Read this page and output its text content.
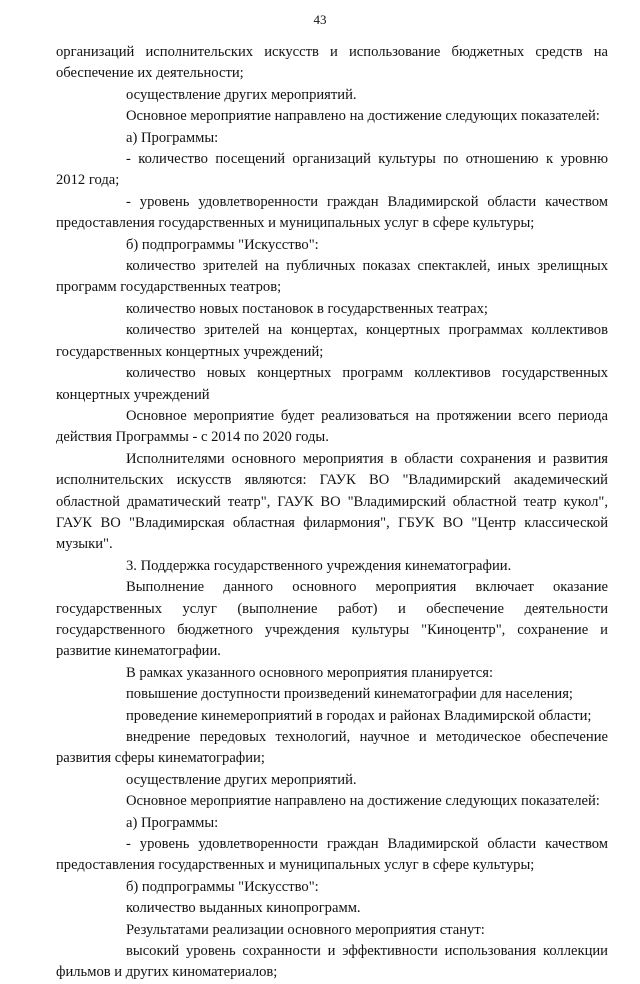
43

организаций исполнительских искусств и использование бюджетных средств на обеспечение их деятельности;

осуществление других мероприятий.

Основное мероприятие направлено на достижение следующих показателей:

а) Программы:

- количество посещений организаций культуры по отношению к уровню 2012 года;

- уровень удовлетворенности граждан Владимирской области качеством предоставления государственных и муниципальных услуг в сфере культуры;

б) подпрограммы "Искусство":

количество зрителей на публичных показах спектаклей, иных зрелищных программ государственных театров;

количество новых постановок в государственных театрах;

количество зрителей на концертах, концертных программах коллективов государственных концертных учреждений;

количество новых концертных программ коллективов государственных концертных учреждений

Основное мероприятие будет реализоваться на протяжении всего периода действия Программы - с 2014 по 2020 годы.

Исполнителями основного мероприятия в области сохранения и развития исполнительских искусств являются: ГАУК ВО "Владимирский академический областной драматический театр", ГАУК ВО "Владимирский областной театр кукол", ГАУК ВО "Владимирская областная филармония", ГБУК ВО "Центр классической музыки".

3. Поддержка государственного учреждения кинематографии.

Выполнение данного основного мероприятия включает оказание государственных услуг (выполнение работ) и обеспечение деятельности государственного бюджетного учреждения культуры "Киноцентр", сохранение и развитие кинематографии.

В рамках указанного основного мероприятия планируется:

повышение доступности произведений кинематографии для населения;

проведение кинемероприятий в городах и районах Владимирской области;

внедрение передовых технологий, научное и методическое обеспечение развития сферы кинематографии;

осуществление других мероприятий.

Основное мероприятие направлено на достижение следующих показателей:

а) Программы:

- уровень удовлетворенности граждан Владимирской области качеством предоставления государственных и муниципальных услуг в сфере культуры;

б) подпрограммы "Искусство":

количество выданных кинопрограмм.

Результатами реализации основного мероприятия станут:

высокий уровень сохранности и эффективности использования коллекции фильмов и других киноматериалов;
